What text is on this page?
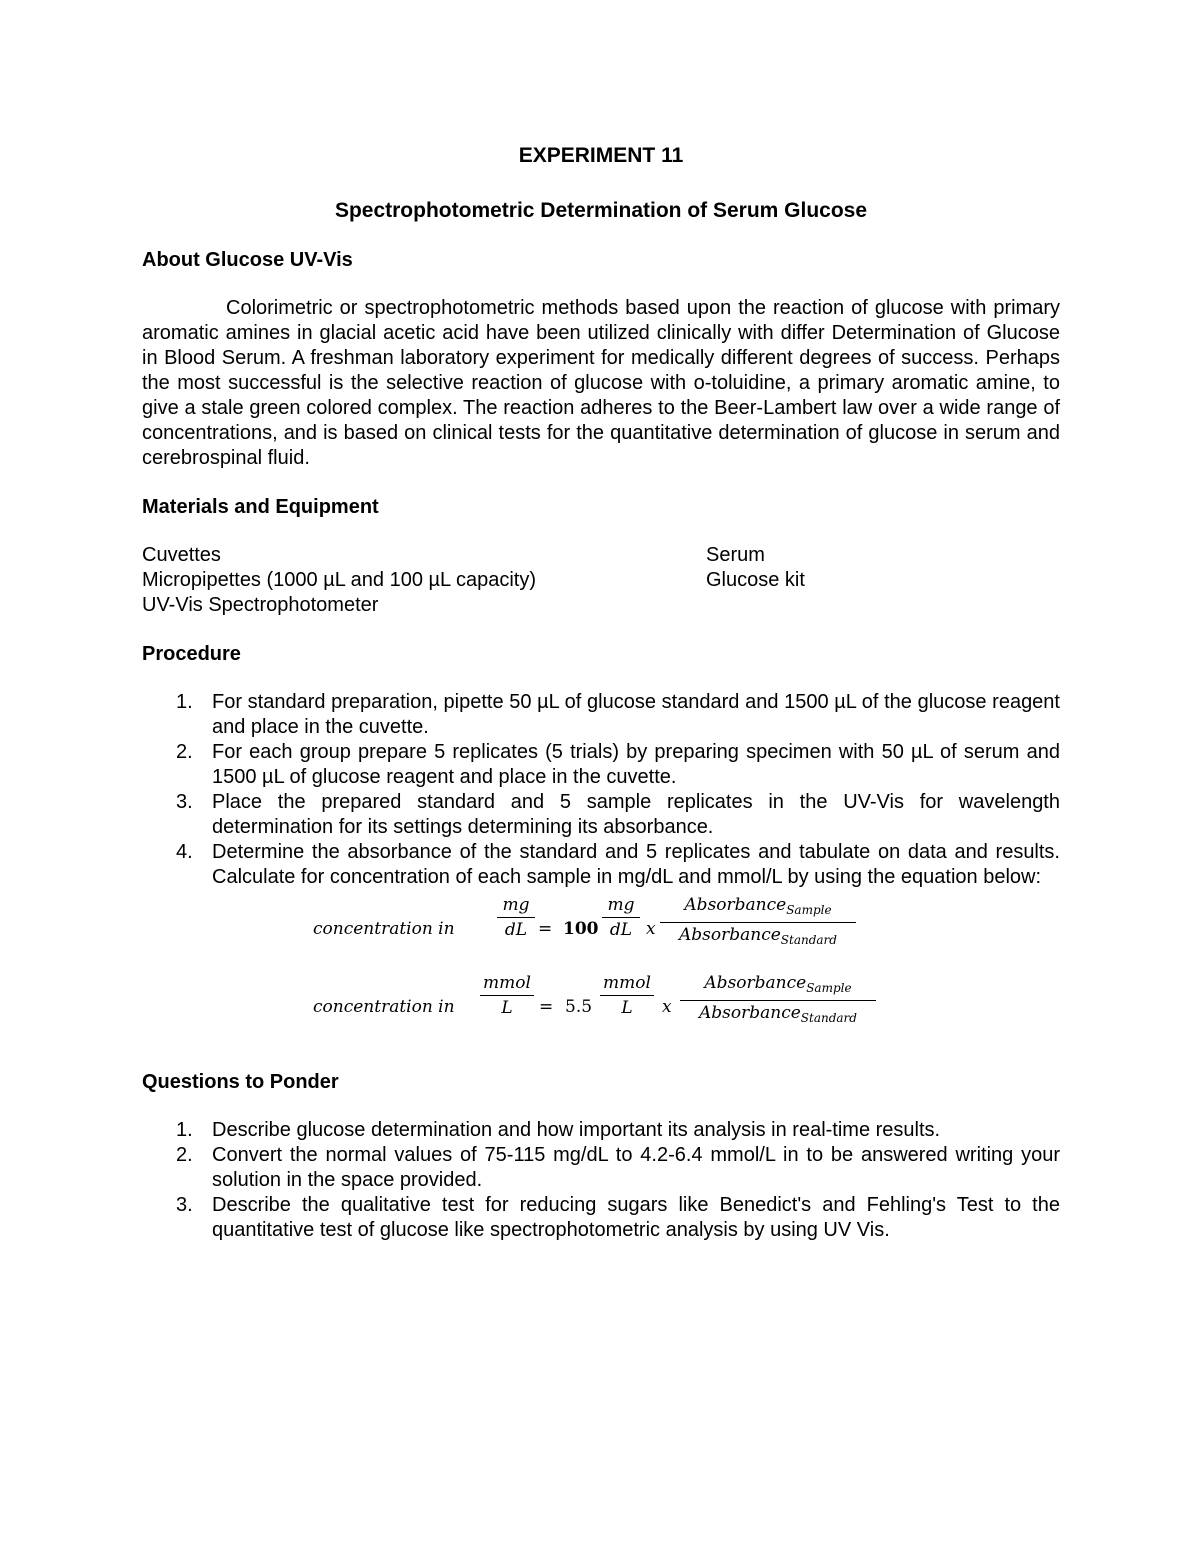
EXPERIMENT 11
Spectrophotometric Determination of Serum Glucose
About Glucose UV-Vis

Colorimetric or spectrophotometric methods based upon the reaction of glucose with primary aromatic amines in glacial acetic acid have been utilized clinically with differ Determination of Glucose in Blood Serum. A freshman laboratory experiment for medically different degrees of success. Perhaps the most successful is the selective reaction of glucose with o-toluidine, a primary aromatic amine, to give a stale green colored complex. The reaction adheres to the Beer-Lambert law over a wide range of concentrations, and is based on clinical tests for the quantitative determination of glucose in serum and cerebrospinal fluid.

Materials and Equipment
Cuvettes
Micropipettes (1000 µL and 100 µL capacity)
UV-Vis Spectrophotometer
Serum
Glucose kit
Procedure
1. For standard preparation, pipette 50 µL of glucose standard and 1500 µL of the glucose reagent and place in the cuvette.
2. For each group prepare 5 replicates (5 trials) by preparing specimen with 50 µL of serum and 1500 µL of glucose reagent and place in the cuvette.
3. Place the prepared standard and 5 sample replicates in the UV-Vis for wavelength determination for its settings determining its absorbance.
4. Determine the absorbance of the standard and 5 replicates and tabulate on data and results. Calculate for concentration of each sample in mg/dL and mmol/L by using the equation below:
concentration in $\frac{mg}{dL} = 100 \frac{mg}{dL}$ x
Absorbance$_{Sample}$
Absorbance$_{Standard}$
concentration in
mmol
L	= 5.5
mmol
L	x
Absorbance$_{Sample}$
Absorbance$_{Standard}$
Questions to Ponder
1. Describe glucose determination and how important its analysis in real-time results.
2. Convert the normal values of 75-115 mg/dL to 4.2-6.4 mmol/L in to be answered writing your solution in the space provided.
3. Describe the qualitative test for reducing sugars like Benedict's and Fehling's Test to the quantitative test of glucose like spectrophotometric analysis by using UV Vis.
